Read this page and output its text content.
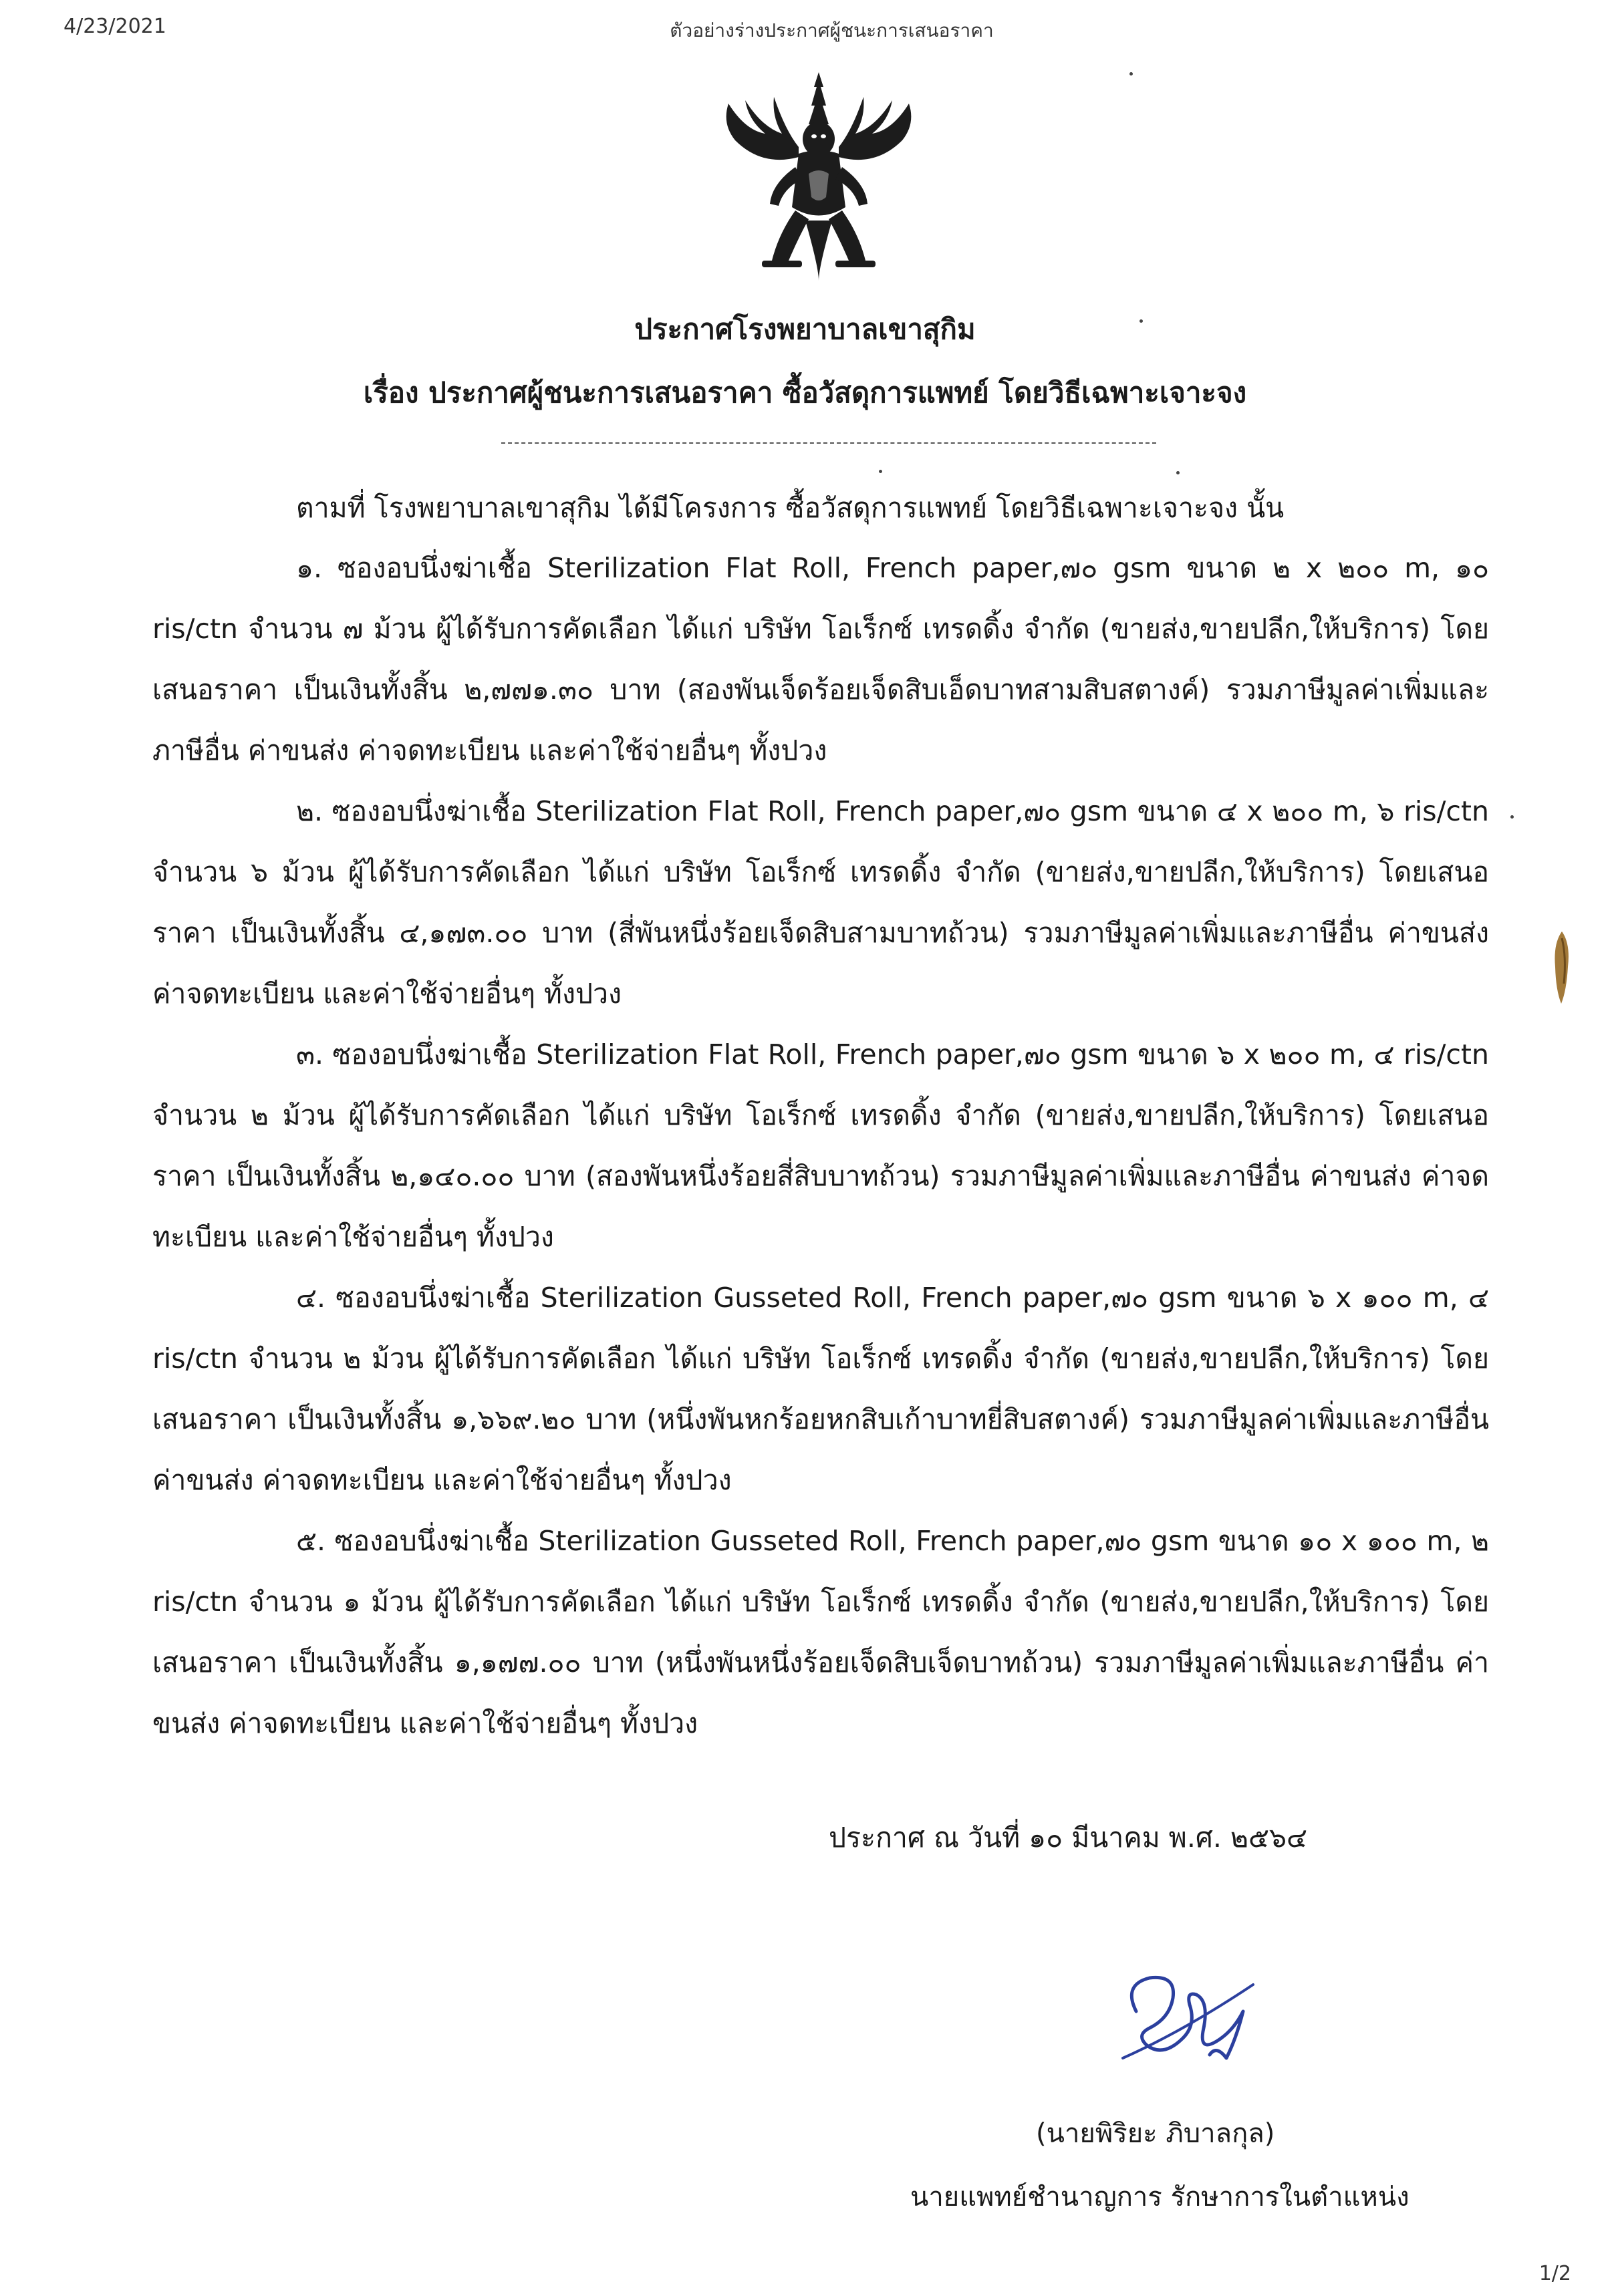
4/23/2021	ตัวอย่างร่างประกาศผู้ชนะการเสนอราคา
ประกาศโรงพยาบาลเขาสุกิม
เรื่อง ประกาศผู้ชนะการเสนอราคา ซื้อวัสดุการแพทย์ โดยวิธีเฉพาะเจาะจง
ตามที่ โรงพยาบาลเขาสุกิม ได้มีโครงการ ซื้อวัสดุการแพทย์ โดยวิธีเฉพาะเจาะจง นั้น
๑. ซองอบนึ่งฆ่าเชื้อ Sterilization Flat Roll, French paper,๗๐ gsm ขนาด ๒ x ๒๐๐ m, ๑๐ ris/ctn จำนวน ๗ ม้วน ผู้ได้รับการคัดเลือก ได้แก่ บริษัท โอเร็กซ์ เทรดดิ้ง จำกัด (ขายส่ง,ขายปลีก,ให้บริการ) โดยเสนอราคา เป็นเงินทั้งสิ้น ๒,๗๗๑.๓๐ บาท (สองพันเจ็ดร้อยเจ็ดสิบเอ็ดบาทสามสิบสตางค์) รวมภาษีมูลค่าเพิ่มและภาษีอื่น ค่าขนส่ง ค่าจดทะเบียน และค่าใช้จ่ายอื่นๆ ทั้งปวง
๒. ซองอบนึ่งฆ่าเชื้อ Sterilization Flat Roll, French paper,๗๐ gsm ขนาด ๔ x ๒๐๐ m, ๖ ris/ctn จำนวน ๖ ม้วน ผู้ได้รับการคัดเลือก ได้แก่ บริษัท โอเร็กซ์ เทรดดิ้ง จำกัด (ขายส่ง,ขายปลีก,ให้บริการ) โดยเสนอราคา เป็นเงินทั้งสิ้น ๔,๑๗๓.๐๐ บาท (สี่พันหนึ่งร้อยเจ็ดสิบสามบาทถ้วน) รวมภาษีมูลค่าเพิ่มและภาษีอื่น ค่าขนส่ง ค่าจดทะเบียน และค่าใช้จ่ายอื่นๆ ทั้งปวง
๓. ซองอบนึ่งฆ่าเชื้อ Sterilization Flat Roll, French paper,๗๐ gsm ขนาด ๖ x ๒๐๐ m, ๔ ris/ctn จำนวน ๒ ม้วน ผู้ได้รับการคัดเลือก ได้แก่ บริษัท โอเร็กซ์ เทรดดิ้ง จำกัด (ขายส่ง,ขายปลีก,ให้บริการ) โดยเสนอราคา เป็นเงินทั้งสิ้น ๒,๑๔๐.๐๐ บาท (สองพันหนึ่งร้อยสี่สิบบาทถ้วน) รวมภาษีมูลค่าเพิ่มและภาษีอื่น ค่าขนส่ง ค่าจดทะเบียน และค่าใช้จ่ายอื่นๆ ทั้งปวง
๔. ซองอบนึ่งฆ่าเชื้อ Sterilization Gusseted Roll, French paper,๗๐ gsm ขนาด ๖ x ๑๐๐ m, ๔ ris/ctn จำนวน ๒ ม้วน ผู้ได้รับการคัดเลือก ได้แก่ บริษัท โอเร็กซ์ เทรดดิ้ง จำกัด (ขายส่ง,ขายปลีก,ให้บริการ) โดยเสนอราคา เป็นเงินทั้งสิ้น ๑,๖๖๙.๒๐ บาท (หนึ่งพันหกร้อยหกสิบเก้าบาทยี่สิบสตางค์) รวมภาษีมูลค่าเพิ่มและภาษีอื่น ค่าขนส่ง ค่าจดทะเบียน และค่าใช้จ่ายอื่นๆ ทั้งปวง
๕. ซองอบนึ่งฆ่าเชื้อ Sterilization Gusseted Roll, French paper,๗๐ gsm ขนาด ๑๐ x ๑๐๐ m, ๒ ris/ctn จำนวน ๑ ม้วน ผู้ได้รับการคัดเลือก ได้แก่ บริษัท โอเร็กซ์ เทรดดิ้ง จำกัด (ขายส่ง,ขายปลีก,ให้บริการ) โดยเสนอราคา เป็นเงินทั้งสิ้น ๑,๑๗๗.๐๐ บาท (หนึ่งพันหนึ่งร้อยเจ็ดสิบเจ็ดบาทถ้วน) รวมภาษีมูลค่าเพิ่มและภาษีอื่น ค่าขนส่ง ค่าจดทะเบียน และค่าใช้จ่ายอื่นๆ ทั้งปวง
ประกาศ ณ วันที่ ๑๐ มีนาคม พ.ศ. ๒๕๖๔
(นายพิริยะ ภิบาลกุล)
นายแพทย์ชำนาญการ รักษาการในตำแหน่ง
1/2
